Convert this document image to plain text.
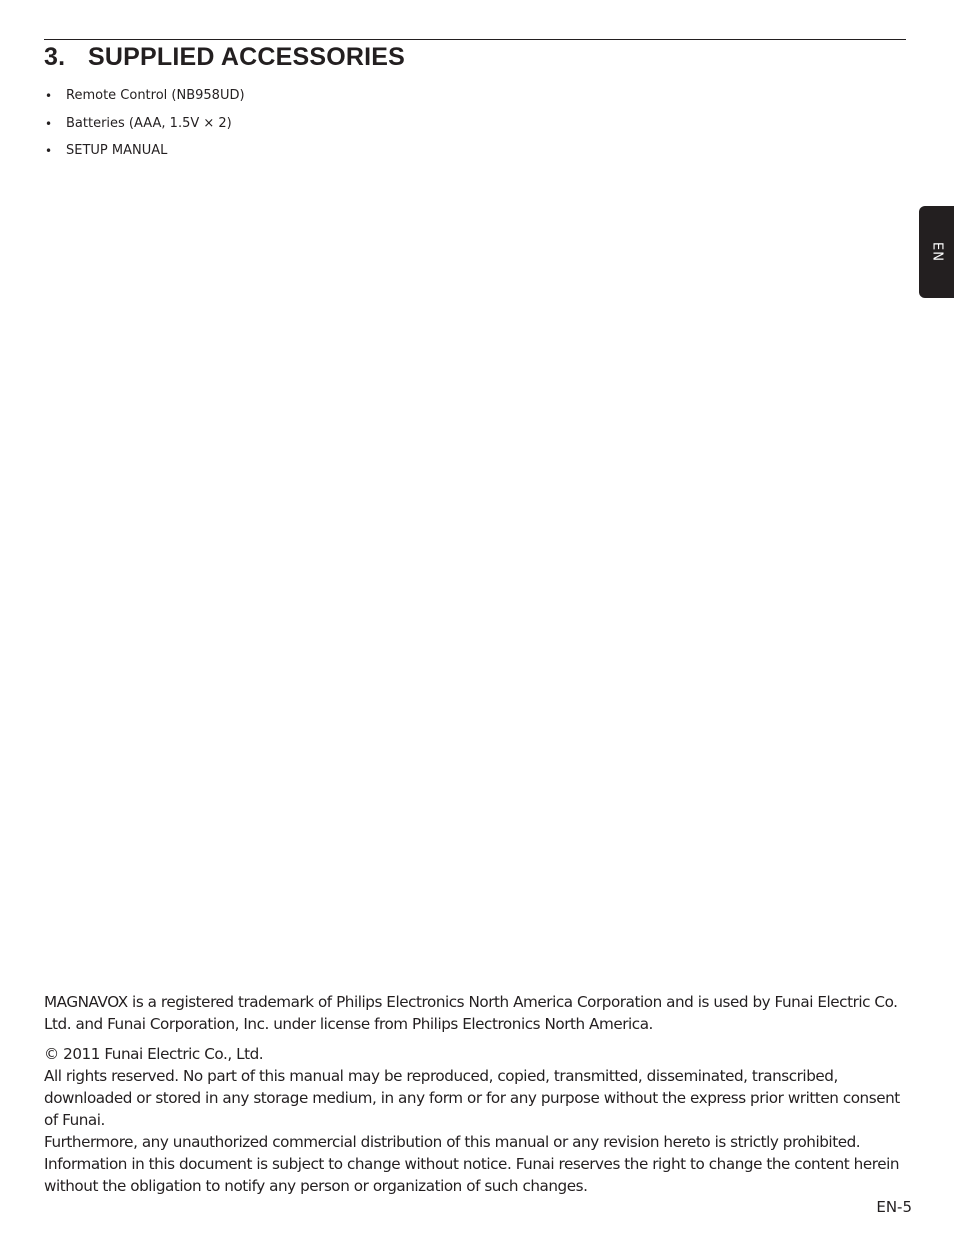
3. SUPPLIED ACCESSORIES
• Remote Control (NB958UD)
• Batteries (AAA, 1.5V × 2)
• SETUP MANUAL
EN

MAGNAVOX is a registered trademark of Philips Electronics North America Corporation and is used by Funai Electric Co. Ltd. and Funai Corporation, Inc. under license from Philips Electronics North America.

© 2011 Funai Electric Co., Ltd.

All rights reserved. No part of this manual may be reproduced, copied, transmitted, disseminated, transcribed, downloaded or stored in any storage medium, in any form or for any purpose without the express prior written consent of Funai.

Furthermore, any unauthorized commercial distribution of this manual or any revision hereto is strictly prohibited.

Information in this document is subject to change without notice. Funai reserves the right to change the content herein without the obligation to notify any person or organization of such changes.

EN-5
